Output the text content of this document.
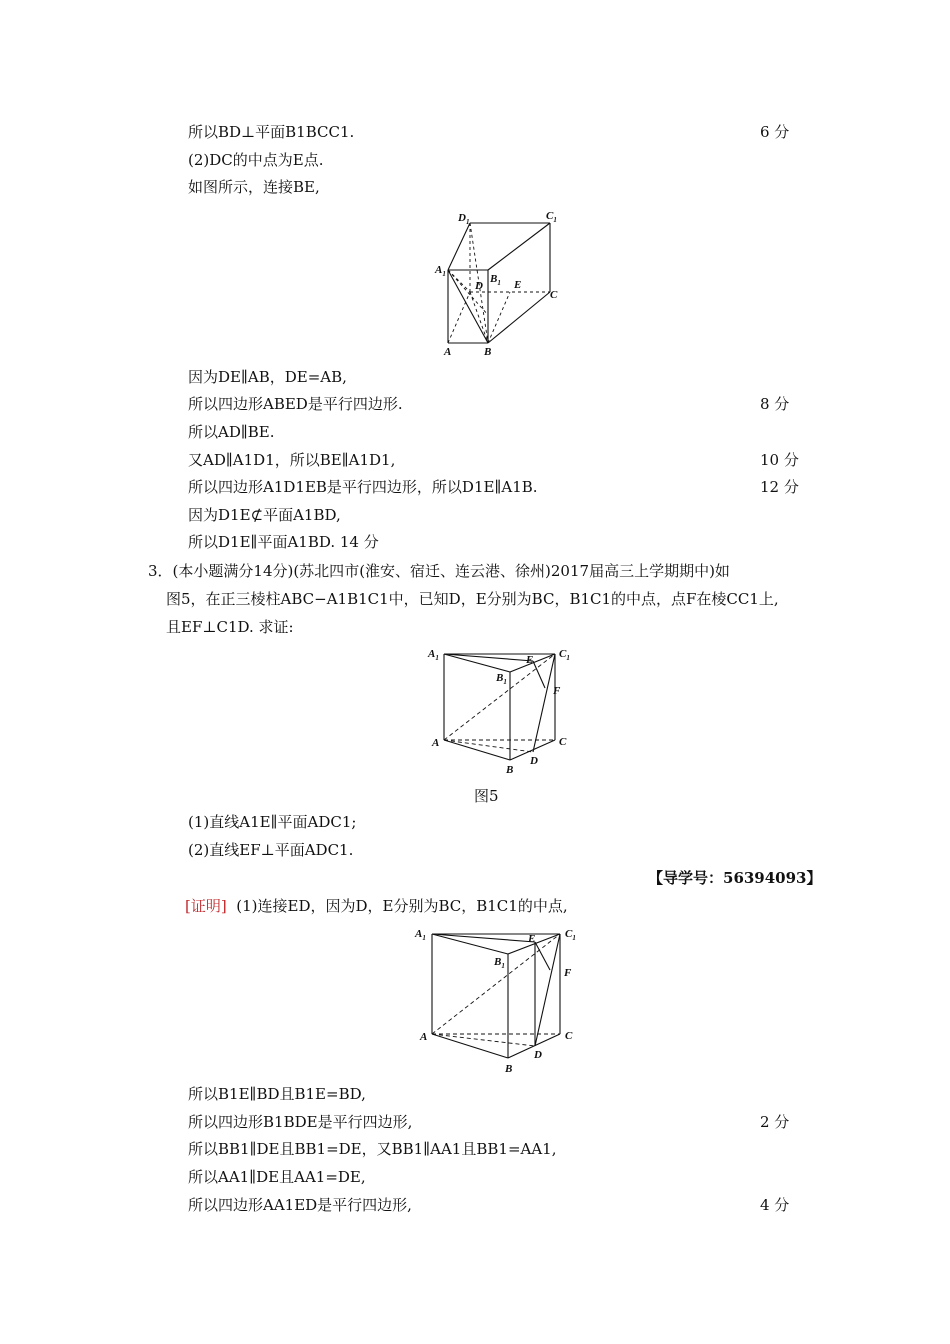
所以BD⊥平面B1BCC1.	6 分
(2)DC的中点为E点.
如图所示，连接BE,
$D_1$	$C_1$
$A_1$	$B_1$
D	E
C
A	B
因为DE∥AB，DE=AB,
所以四边形ABED是平行四边形.	8 分
所以AD∥BE.
又AD∥A1D1，所以BE∥A1D1,	10 分
所以四边形A1D1EB是平行四边形，所以D1E∥A1B.	12 分
因为D1E⊄平面A1BD,
所以D1E∥平面A1BD. 14 分
3．(本小题满分14分)(苏北四市(淮安、宿迁、连云港、徐州)2017届高三上学期期中)如
图5，在正三棱柱ABC−A1B1C1中，已知D，E分别为BC，B1C1的中点，点F在棱CC1上,
且EF⊥C1D. 求证:
$A_1$	E $C_1$
$B_1$
F
A	C
D
B
图5
(1)直线A1E∥平面ADC1;
(2)直线EF⊥平面ADC1.
【导学号：56394093】
[证明] (1)连接ED，因为D，E分别为BC，B1C1的中点,
$A_1$	E	$C_1$
$B_1$
F
A	C
D
B
所以B1E∥BD且B1E=BD,
所以四边形B1BDE是平行四边形,	2 分
所以BB1∥DE且BB1=DE，又BB1∥AA1且BB1=AA1,
所以AA1∥DE且AA1=DE,
所以四边形AA1ED是平行四边形,	4 分
